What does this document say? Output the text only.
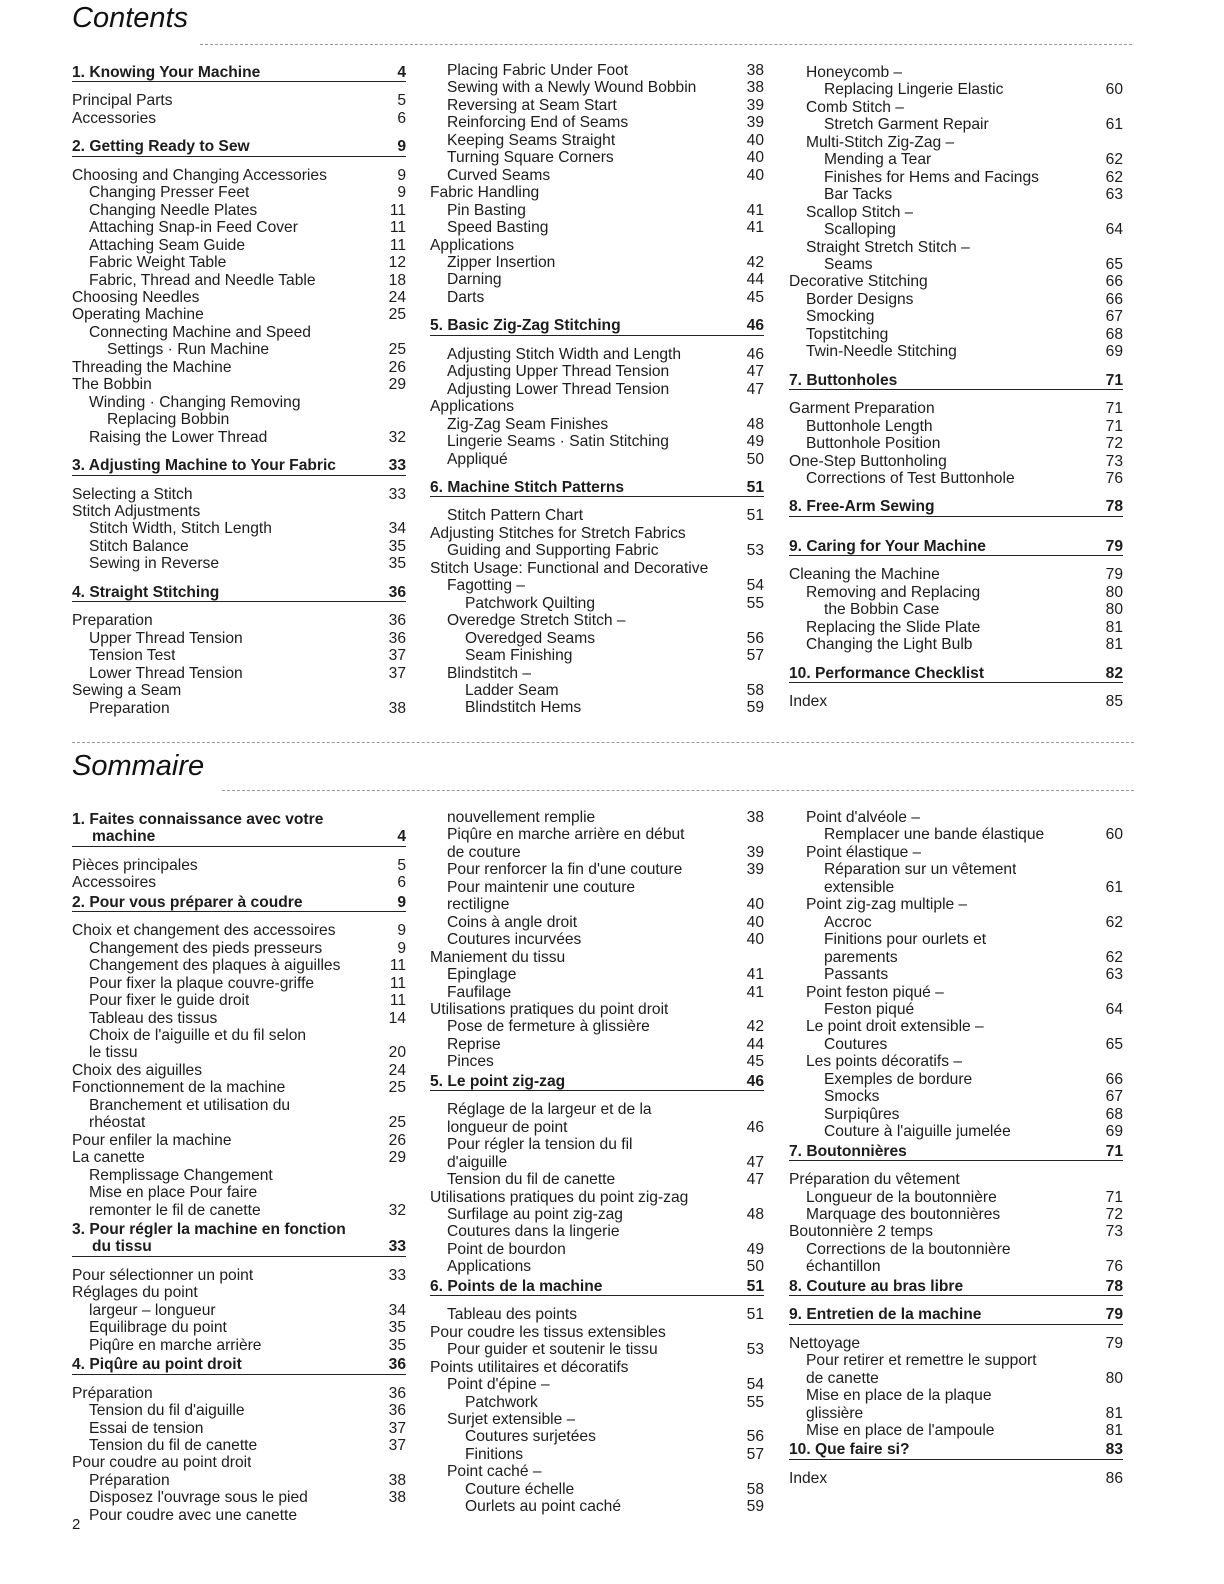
Contents
1. Knowing Your Machine	4
Principal Parts	5
Accessories	6
2. Getting Ready to Sew	9
Choosing and Changing Accessories	9
Changing Presser Feet	9
Changing Needle Plates	11
Attaching Snap-in Feed Cover	11
Attaching Seam Guide	11
Fabric Weight Table	12
Fabric, Thread and Needle Table	18
Choosing Needles	24
Operating Machine	25
Connecting Machine and Speed
Settings · Run Machine	25
Threading the Machine	26
The Bobbin	29
Winding · Changing Removing
Replacing Bobbin
Raising the Lower Thread	32
3. Adjusting Machine to Your Fabric	33
Selecting a Stitch	33
Stitch Adjustments
Stitch Width, Stitch Length	34
Stitch Balance	35
Sewing in Reverse	35
4. Straight Stitching	36
Preparation	36
Upper Thread Tension	36
Tension Test	37
Lower Thread Tension	37
Sewing a Seam
Preparation	38
Placing Fabric Under Foot	38
Sewing with a Newly Wound Bobbin	38
Reversing at Seam Start	39
Reinforcing End of Seams	39
Keeping Seams Straight	40
Turning Square Corners	40
Curved Seams	40
Fabric Handling
Pin Basting	41
Speed Basting	41
Applications
Zipper Insertion	42
Darning	44
Darts	45
5. Basic Zig-Zag Stitching	46
Adjusting Stitch Width and Length	46
Adjusting Upper Thread Tension	47
Adjusting Lower Thread Tension	47
Applications
Zig-Zag Seam Finishes	48
Lingerie Seams · Satin Stitching	49
Appliqué	50
6. Machine Stitch Patterns	51
Stitch Pattern Chart	51
Adjusting Stitches for Stretch Fabrics
Guiding and Supporting Fabric	53
Stitch Usage: Functional and Decorative
Fagotting –	54
Patchwork Quilting	55
Overedge Stretch Stitch –
Overedged Seams	56
Seam Finishing	57
Blindstitch –
Ladder Seam	58
Blindstitch Hems	59
Honeycomb –
Replacing Lingerie Elastic	60
Comb Stitch –
Stretch Garment Repair	61
Multi-Stitch Zig-Zag –
Mending a Tear	62
Finishes for Hems and Facings	62
Bar Tacks	63
Scallop Stitch –
Scalloping	64
Straight Stretch Stitch –
Seams	65
Decorative Stitching	66
Border Designs	66
Smocking	67
Topstitching	68
Twin-Needle Stitching	69
7. Buttonholes	71
Garment Preparation	71
Buttonhole Length	71
Buttonhole Position	72
One-Step Buttonholing	73
Corrections of Test Buttonhole	76
8. Free-Arm Sewing	78
9. Caring for Your Machine	79
Cleaning the Machine	79
Removing and Replacing	80
the Bobbin Case	80
Replacing the Slide Plate	81
Changing the Light Bulb	81
10. Performance Checklist	82
Index	85
Sommaire
1. Faites connaissance avec votre
machine	4
Pièces principales	5
Accessoires	6
2. Pour vous préparer à coudre	9
Choix et changement des accessoires	9
Changement des pieds presseurs	9
Changement des plaques à aiguilles	11
Pour fixer la plaque couvre-griffe	11
Pour fixer le guide droit	11
Tableau des tissus	14
Choix de l'aiguille et du fil selon
le tissu	20
Choix des aiguilles	24
Fonctionnement de la machine	25
Branchement et utilisation du
rhéostat	25
Pour enfiler la machine	26
La canette	29
Remplissage Changement
Mise en place Pour faire
remonter le fil de canette	32
3. Pour régler la machine en fonction
du tissu	33
Pour sélectionner un point	33
Réglages du point
largeur – longueur	34
Equilibrage du point	35
Piqûre en marche arrière	35
4. Piqûre au point droit	36
Préparation	36
Tension du fil d'aiguille	36
Essai de tension	37
Tension du fil de canette	37
Pour coudre au point droit
Préparation	38
Disposez l'ouvrage sous le pied	38
Pour coudre avec une canette
nouvellement remplie	38
Piqûre en marche arrière en début
de couture	39
Pour renforcer la fin d'une couture	39
Pour maintenir une couture
rectiligne	40
Coins à angle droit	40
Coutures incurvées	40
Maniement du tissu
Epinglage	41
Faufilage	41
Utilisations pratiques du point droit
Pose de fermeture à glissière	42
Reprise	44
Pinces	45
5. Le point zig-zag	46
Réglage de la largeur et de la
longueur de point	46
Pour régler la tension du fil
d'aiguille	47
Tension du fil de canette	47
Utilisations pratiques du point zig-zag
Surfilage au point zig-zag	48
Coutures dans la lingerie
Point de bourdon	49
Applications	50
6. Points de la machine	51
Tableau des points	51
Pour coudre les tissus extensibles
Pour guider et soutenir le tissu	53
Points utilitaires et décoratifs
Point d'épine –	54
Patchwork	55
Surjet extensible –
Coutures surjetées	56
Finitions	57
Point caché –
Couture échelle	58
Ourlets au point caché	59
Point d'alvéole –
Remplacer une bande élastique	60
Point élastique –
Réparation sur un vêtement
extensible	61
Point zig-zag multiple –
Accroc	62
Finitions pour ourlets et
parements	62
Passants	63
Point feston piqué –
Feston piqué	64
Le point droit extensible –
Coutures	65
Les points décoratifs –
Exemples de bordure	66
Smocks	67
Surpiqûres	68
Couture à l'aiguille jumelée	69
7. Boutonnières	71
Préparation du vêtement
Longueur de la boutonnière	71
Marquage des boutonnières	72
Boutonnière 2 temps	73
Corrections de la boutonnière
échantillon	76
8. Couture au bras libre	78
9. Entretien de la machine	79
Nettoyage	79
Pour retirer et remettre le support
de canette	80
Mise en place de la plaque
glissière	81
Mise en place de l'ampoule	81
10. Que faire si?	83
Index	86
2
